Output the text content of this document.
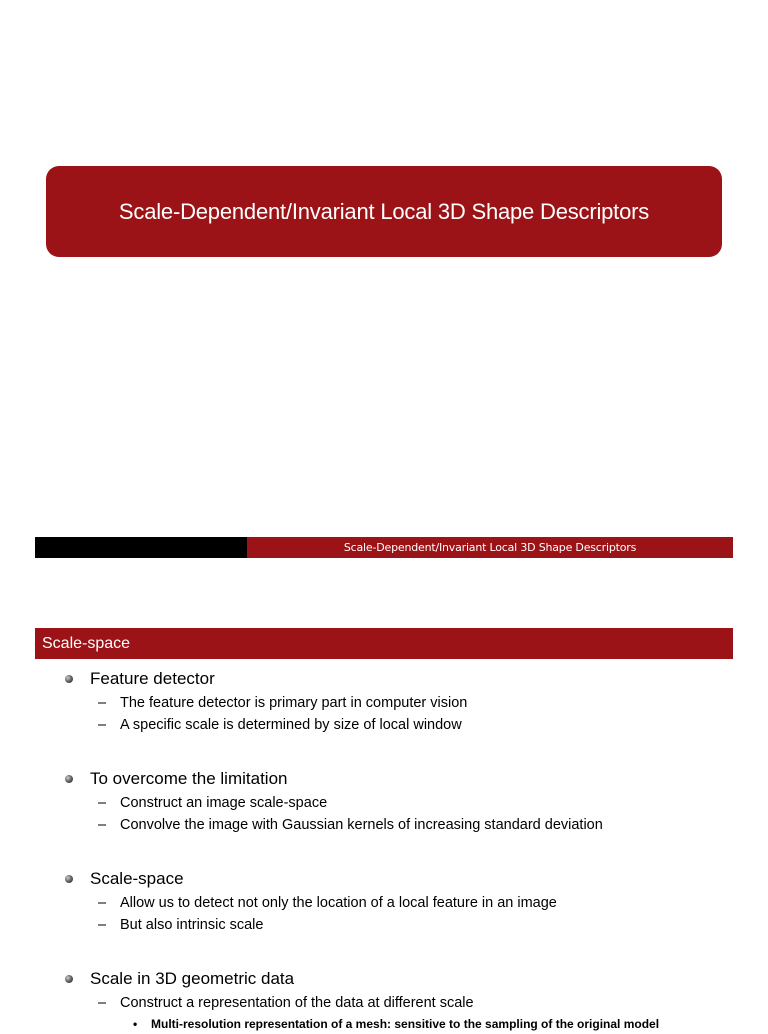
Scale-Dependent/Invariant Local 3D Shape Descriptors
Scale-Dependent/Invariant Local 3D Shape Descriptors
Scale-space
Feature detector
– The feature detector is primary part in computer vision
– A specific scale is determined by size of local window
To overcome the limitation
– Construct an image scale-space
– Convolve the image with Gaussian kernels of increasing standard deviation
Scale-space
– Allow us to detect not only the location of a local feature in an image
– But also intrinsic scale
Scale in 3D geometric data
– Construct a representation of the data at different scale
• Multi-resolution representation of a mesh: sensitive to the sampling of the original model
